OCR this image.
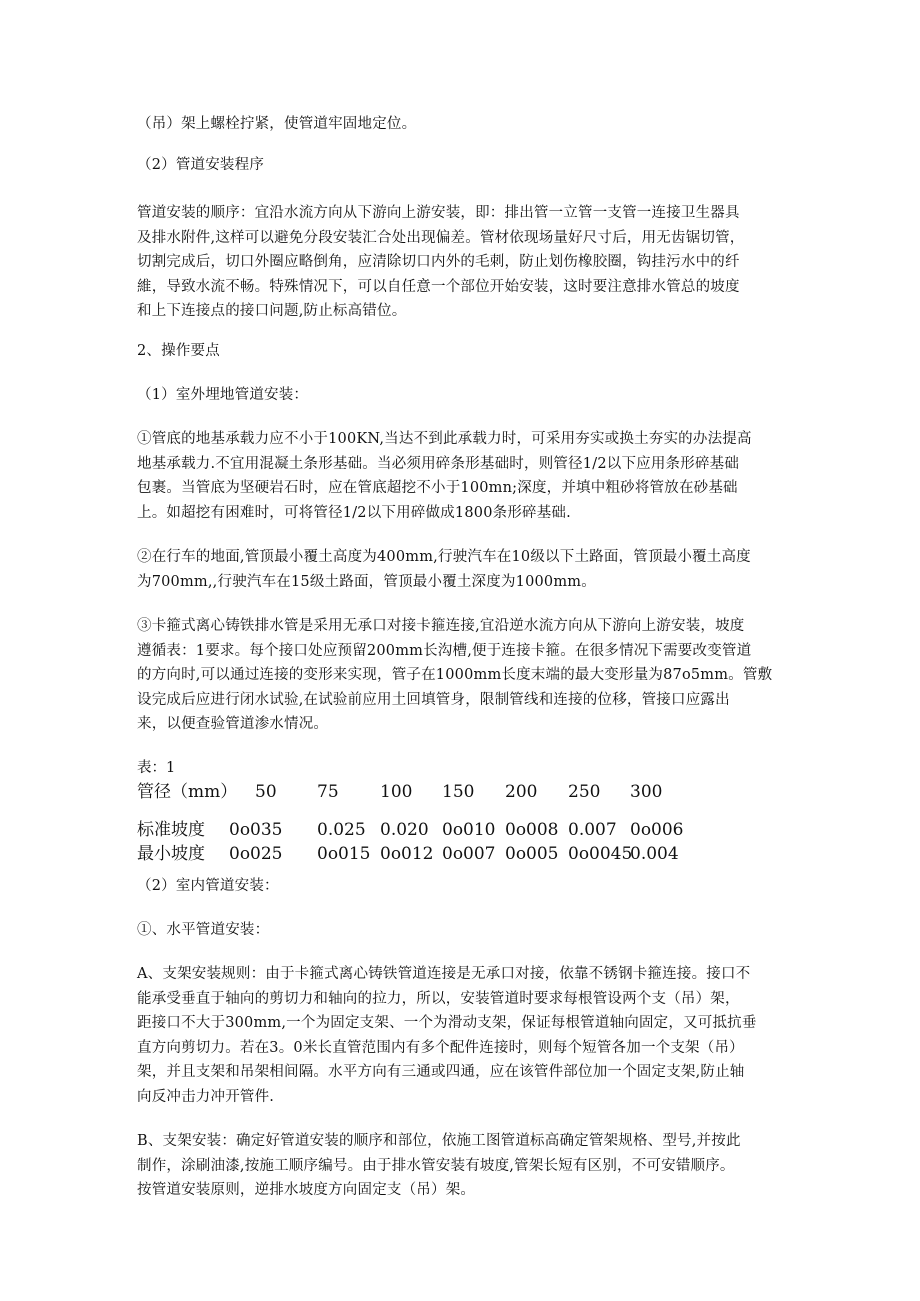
（吊）架上螺栓拧紧，使管道牢固地定位。
（2）管道安装程序
管道安装的顺序：宜沿水流方向从下游向上游安装，即：排出管一立管一支管一连接卫生器具
及排水附件,这样可以避免分段安装汇合处出现偏差。管材依现场量好尺寸后，用无齿锯切管，
切割完成后，切口外圈应略倒角，应清除切口内外的毛刺，防止划伤橡胶圈，钩挂污水中的纤
維，导致水流不畅。特殊情况下，可以自任意一个部位开始安装，这时要注意排水管总的坡度
和上下连接点的接口问题,防止标高错位。
2、操作要点
（1）室外埋地管道安装：
①管底的地基承载力应不小于100KN,当达不到此承载力时，可采用夯实或换土夯实的办法提高
地基承载力.不宜用混凝土条形基础。当必须用碎条形基础时，则管径1/2以下应用条形碎基础
包裹。当管底为坚硬岩石时，应在管底超挖不小于100mn;深度，并填中粗砂将管放在砂基础
上。如超挖有困难时，可将管径1/2以下用碎做成1800条形碎基础.
②在行车的地面,管顶最小覆土高度为400mm,行驶汽车在10级以下土路面，管顶最小覆土高度
为700mm,,行驶汽车在15级土路面，管顶最小覆土深度为1000mm。
③卡箍式离心铸铁排水管是采用无承口对接卡箍连接,宜沿逆水流方向从下游向上游安装，坡度
遵循表：1要求。每个接口处应预留200mm长沟槽,便于连接卡箍。在很多情况下需要改变管道
的方向时,可以通过连接的变形来实现，管子在1000mm长度末端的最大变形量为87o5mm。管敷
设完成后应进行闭水试验,在试验前应用土回填管身，限制管线和连接的位移，管接口应露出
来，以便查验管道渗水情况。
表：1
管径（mm） 50 75 100 150 200 250 300
标准坡度 0o035 0.025 0.020 0o010 0o008 0.007 0o006
最小坡度 0o025 0o015 0o012 0o007 0o005 0o0045
0.004
（2）室内管道安装：
①、水平管道安装：
A、支架安装规则：由于卡箍式离心铸铁管道连接是无承口对接，依靠不锈钢卡箍连接。接口不
能承受垂直于轴向的剪切力和轴向的拉力，所以，安装管道时要求每根管设两个支（吊）架，
距接口不大于300mm,一个为固定支架、一个为滑动支架，保证每根管道轴向固定，又可抵抗垂
直方向剪切力。若在3。0米长直管范围内有多个配件连接时，则每个短管各加一个支架（吊）
架，并且支架和吊架相间隔。水平方向有三通或四通，应在该管件部位加一个固定支架,防止轴
向反冲击力冲开管件.
B、支架安装：确定好管道安装的顺序和部位，依施工图管道标高确定管架规格、型号,并按此
制作，涂刷油漆,按施工顺序编号。由于排水管安装有坡度,管架长短有区别，不可安错顺序。
按管道安装原则，逆排水坡度方向固定支（吊）架。
